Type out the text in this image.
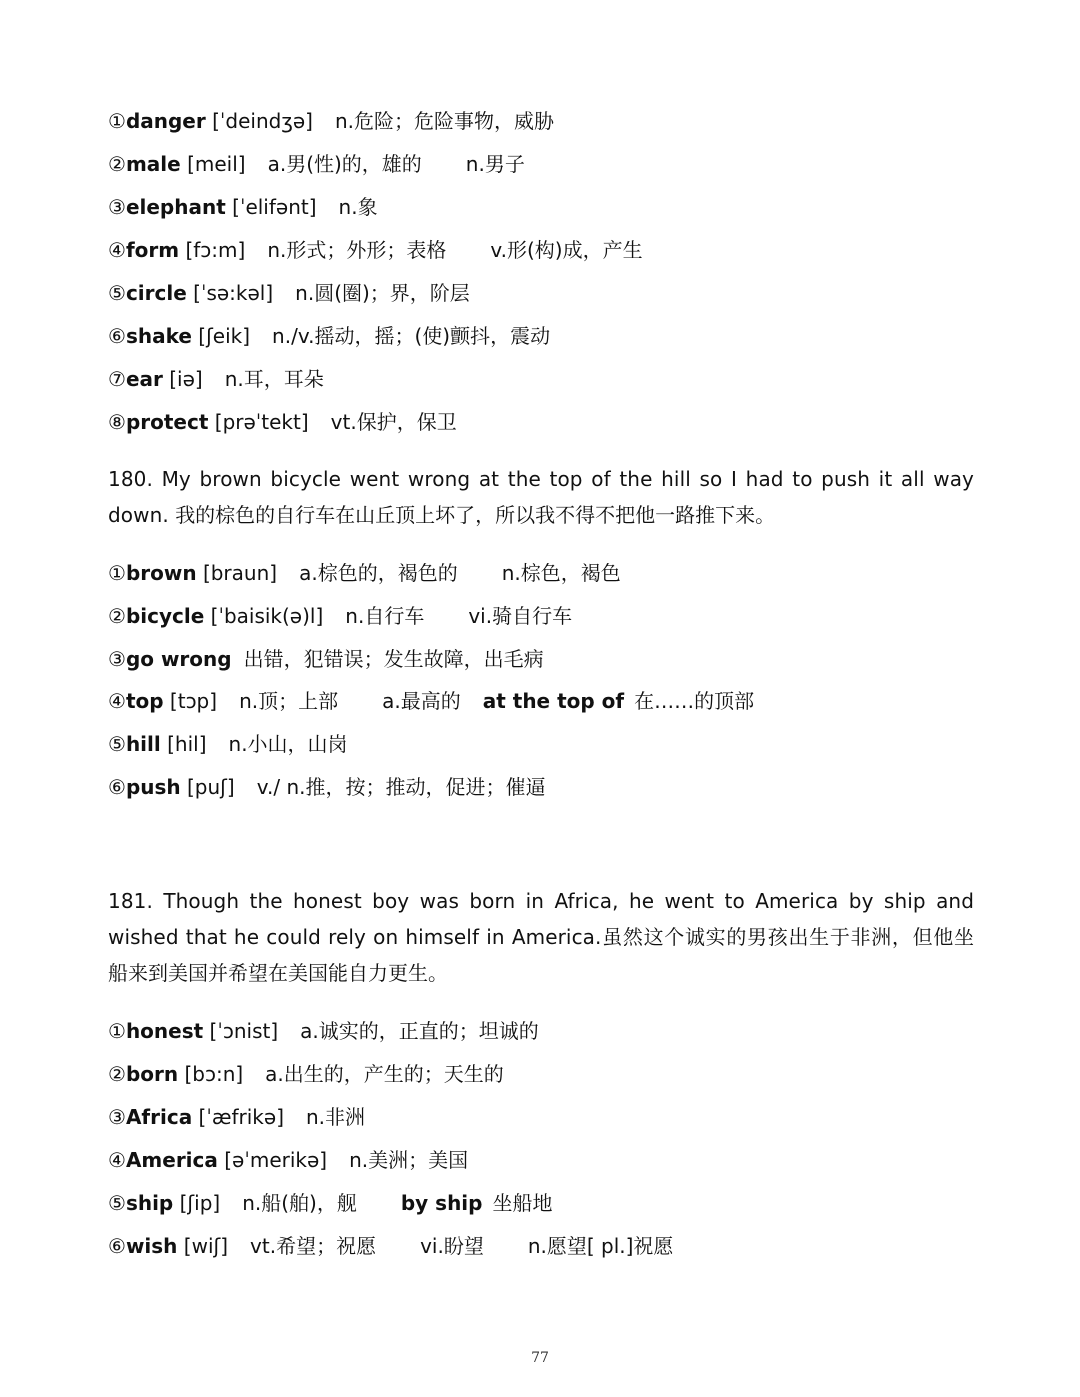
①danger [ˈdeindʒə] n.危险；危险事物，威胁
②male [meil] a.男(性)的，雄的 n.男子
③elephant [ˈelifənt] n.象
④form [fɔ:m] n.形式；外形；表格 v.形(构)成，产生
⑤circle [ˈsə:kəl] n.圆(圈)；界，阶层
⑥shake [ʃeik] n./v.摇动，摇；(使)颤抖，震动
⑦ear [iə] n.耳，耳朵
⑧protect [prəˈtekt] vt.保护，保卫
180. My brown bicycle went wrong at the top of the hill so I had to push it all way down. 我的棕色的自行车在山丘顶上坏了，所以我不得不把他一路推下来。
①brown [braun] a.棕色的，褐色的 n.棕色，褐色
②bicycle [ˈbaisik(ə)l] n.自行车 vi.骑自行车
③go wrong 出错，犯错误；发生故障，出毛病
④top [tɔp] n.顶；上部 a.最高的 at the top of 在……的顶部
⑤hill [hil] n.小山，山岗
⑥push [puʃ] v./ n.推，按；推动，促进；催逼
181. Though the honest boy was born in Africa, he went to America by ship and wished that he could rely on himself in America.虽然这个诚实的男孩出生于非洲，但他坐船来到美国并希望在美国能自力更生。
①honest [ˈɔnist] a.诚实的，正直的；坦诚的
②born [bɔ:n] a.出生的，产生的；天生的
③Africa [ˈæfrikə] n.非洲
④America [əˈmerikə] n.美洲；美国
⑤ship [ʃip] n.船(舶)，舰 by ship 坐船地
⑥wish [wiʃ] vt.希望；祝愿 vi.盼望 n.愿望[ pl.]祝愿
77
